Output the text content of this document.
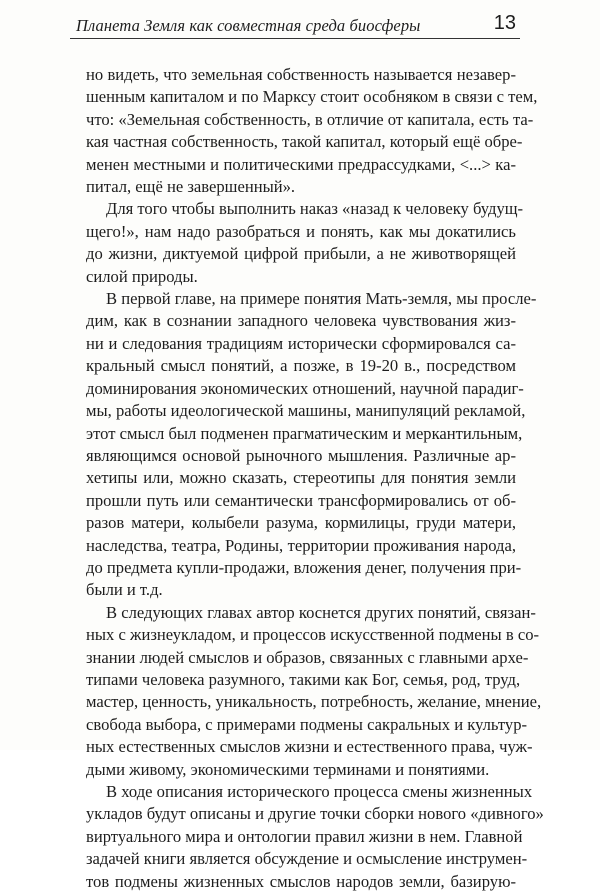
Планета Земля как совместная среда биосферы	13
но видеть, что земельная собственность называется незавер-
шенным капиталом и по Марксу стоит особняком в связи с тем,
что: «Земельная собственность, в отличие от капитала, есть та-
кая частная собственность, такой капитал, который ещё обре-
менен местными и политическими предрассудками, <...> ка-
питал, ещё не завершенный».
Для того чтобы выполнить наказ «назад к человеку будущ-
щего!», нам надо разобраться и понять, как мы докатились
до жизни, диктуемой цифрой прибыли, а не животворящей
силой природы.
В первой главе, на примере понятия Мать-земля, мы просле-
дим, как в сознании западного человека чувствования жиз-
ни и следования традициям исторически сформировался са-
кральный смысл понятий, а позже, в 19-20 в., посредством
доминирования экономических отношений, научной парадиг-
мы, работы идеологической машины, манипуляций рекламой,
этот смысл был подменен прагматическим и меркантильным,
являющимся основой рыночного мышления. Различные ар-
хетипы или, можно сказать, стереотипы для понятия земли
прошли путь или семантически трансформировались от об-
разов матери, колыбели разума, кормилицы, груди матери,
наследства, театра, Родины, территории проживания народа,
до предмета купли-продажи, вложения денег, получения при-
были и т.д.
В следующих главах автор коснется других понятий, связан-
ных с жизнеукладом, и процессов искусственной подмены в со-
знании людей смыслов и образов, связанных с главными архе-
типами человека разумного, такими как Бог, семья, род, труд,
мастер, ценность, уникальность, потребность, желание, мнение,
свобода выбора, с примерами подмены сакральных и культур-
ных естественных смыслов жизни и естественного права, чуж-
дыми живому, экономическими терминами и понятиями.
В ходе описания исторического процесса смены жизненных
укладов будут описаны и другие точки сборки нового «дивного»
виртуального мира и онтологии правил жизни в нем. Главной
задачей книги является обсуждение и осмысление инструмен-
тов подмены жизненных смыслов народов земли, базирую-
